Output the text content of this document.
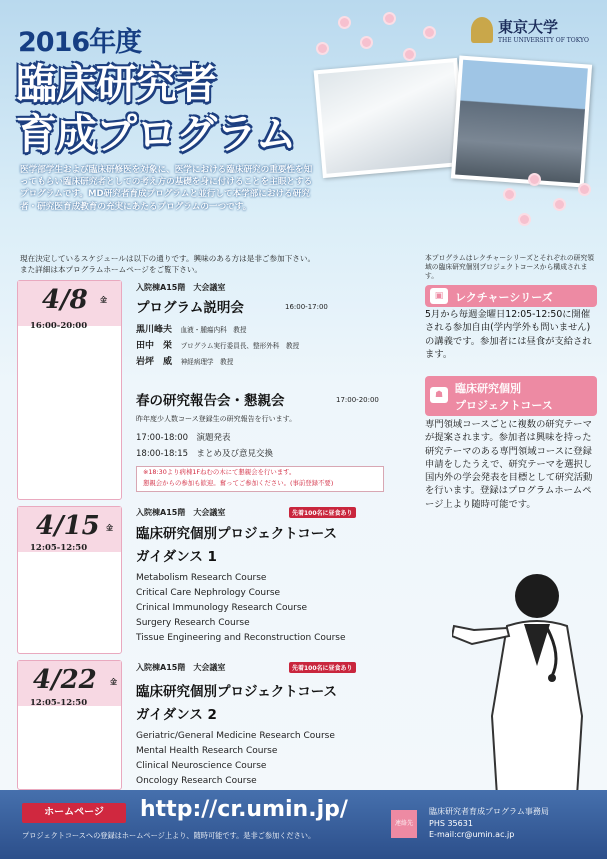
2016年度
臨床研究者
育成プログラム
東京大学
THE UNIVERSITY OF TOKYO
医学部学生および臨床研修医を対象に、医学における臨床研究の重要性を知ってもらい臨床研究者としての考え方の基礎を身に付けることを主眼とするプログラムです。MD研究者育成プログラムと並行して本学部における研究者・研究医育成教育の充実にあたるプログラムの一つです。
現在決定しているスケジュールは以下の通りです。興味のある方は是非ご参加下さい。
また詳細は本プログラムホームページをご覧下さい。
本プログラムはレクチャーシリーズとそれぞれの研究領域の臨床研究個別プロジェクトコースから構成されます。
4/8 金
16:00-20:00
4/15 金
12:05-12:50
4/22 金
12:05-12:50
入院棟A15階　大会議室
プログラム説明会	16:00-17:00
黒川峰夫 血液・腫瘍内科　教授
田中　栄 プログラム実行委員長、整形外科　教授
岩坪　威 神経病理学　教授
春の研究報告会・懇親会	17:00-20:00
昨年度少人数コース登録生の研究報告を行います。
17:00-18:00　演題発表
18:00-18:15　まとめ及び意見交換
※18:30より病棟1Fねむの木にて懇親会を行います。
懇親会からの参加も歓迎。奮ってご参加ください。(事前登録不要)
入院棟A15階　大会議室	先着100名に昼食あり
臨床研究個別プロジェクトコース
ガイダンス 1
Metabolism Research Course
Critical Care Nephrology Course
Crinical Immunology Research Course
Surgery Research Course
Tissue Engineering and Reconstruction Course
入院棟A15階　大会議室	先着100名に昼食あり
臨床研究個別プロジェクトコース
ガイダンス 2
Geriatric/General Medicine Research Course
Mental Health Research Course
Clinical Neuroscience Course
Oncology Research Course
▣	レクチャーシリーズ
5月から毎週金曜日12:05-12:50に開催される参加自由(学内学外も問いません)の講義です。参加者には昼食が支給されます。
☗	臨床研究個別
プロジェクトコース
専門領域コースごとに複数の研究テーマが提案されます。参加者は興味を持った研究テーマのある専門領域コースに登録申請をしたうえで、研究テーマを選択し国内外の学会発表を目標として研究活動を行います。登録はプログラムホームページ上より随時可能です。
ホームページ	http://cr.umin.jp/
プロジェクトコースへの登録はホームページ上より、随時可能です。是非ご参加ください。
連絡先
臨床研究者育成プログラム事務局
PHS 35631
E-mail:cr@umin.ac.jp
